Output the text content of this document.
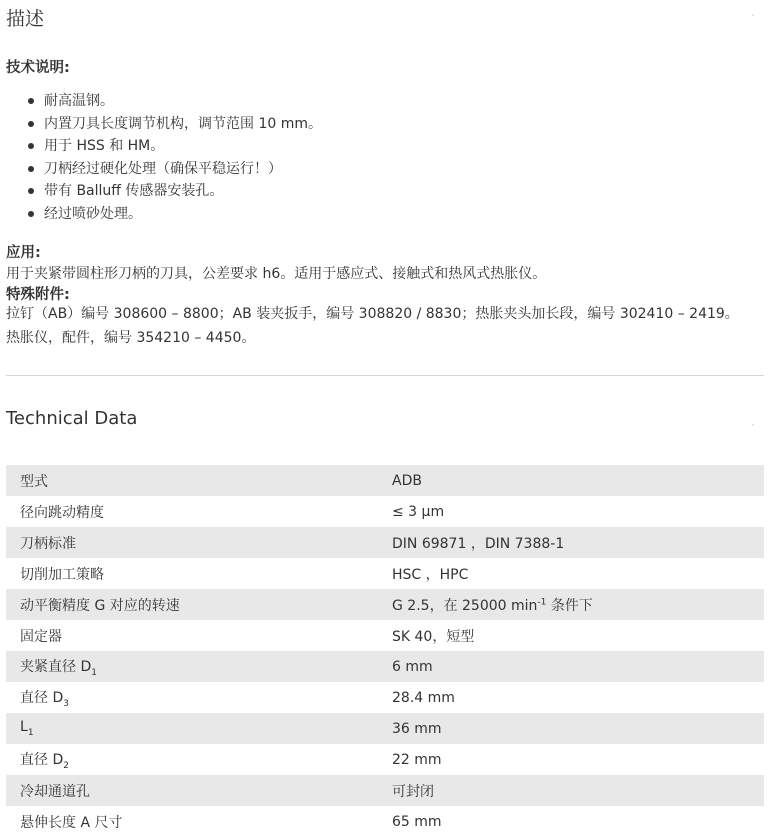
描述
技术说明:
耐高温钢。
内置刀具长度调节机构，调节范围 10 mm。
用于 HSS 和 HM。
刀柄经过硬化处理（确保平稳运行！）
带有 Balluff 传感器安装孔。
经过喷砂处理。
应用:

用于夹紧带圆柱形刀柄的刀具，公差要求 h6。适用于感应式、接触式和热风式热胀仪。

特殊附件:

拉钉（AB）编号 308600 – 8800；AB 装夹扳手，编号 308820 / 8830；热胀夹头加长段，编号 302410 – 2419。

热胀仪，配件，编号 354210 – 4450。

Technical Data
型式	ADB
径向跳动精度	≤ 3 µm
刀柄标准	DIN 69871 ，DIN 7388-1
切削加工策略	HSC ，HPC
动平衡精度 G 对应的转速	G 2.5，在 25000 $\min^{-1}$ 条件下
固定器	SK 40，短型
夹紧直径 $D_1$	6 mm
直径 $D_3$	28.4 mm
$L_1$	36 mm
直径 $D_2$	22 mm
冷却通道孔	可封闭
悬伸长度 A 尺寸	65 mm
